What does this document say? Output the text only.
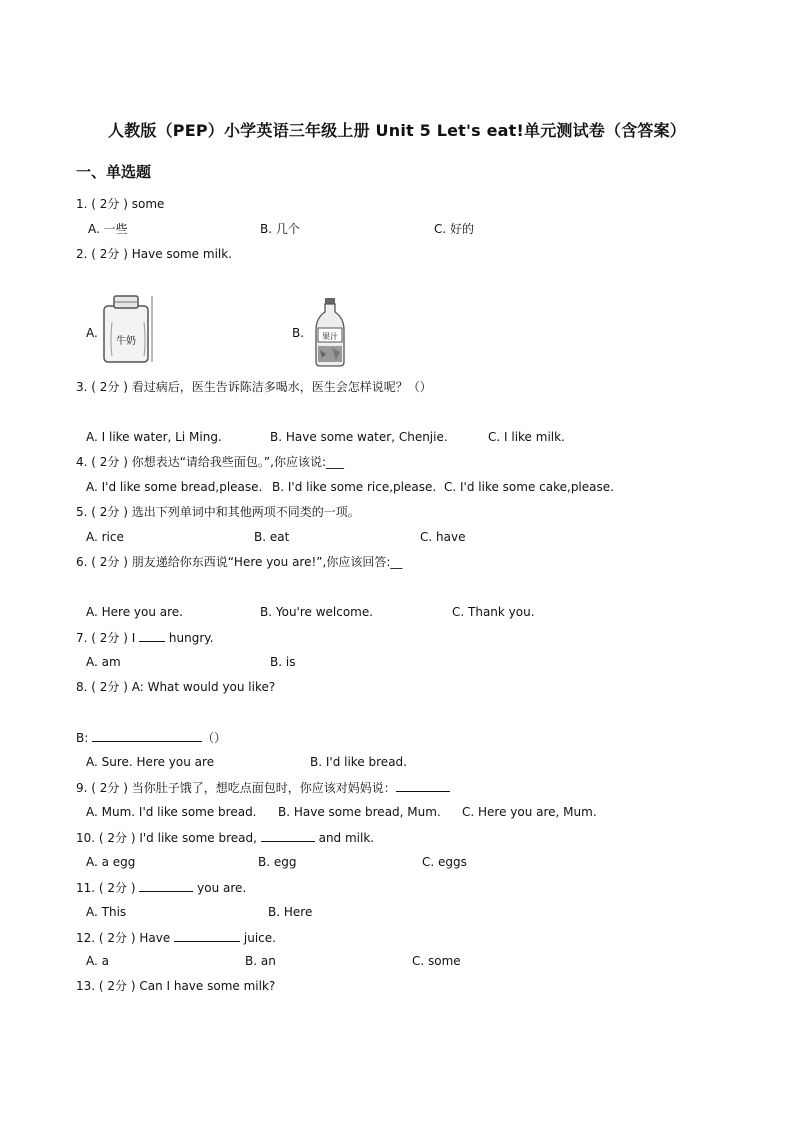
人教版（PEP）小学英语三年级上册 Unit 5 Let's eat!单元测试卷（含答案）
一、单选题
1. ( 2分 ) some
A. 一些	B. 几个	C. 好的
2. ( 2分 ) Have some milk.
A.
牛奶
B. 果汁
3. ( 2分 ) 看过病后，医生告诉陈洁多喝水，医生会怎样说呢？（）
A. I like water, Li Ming.	B. Have some water, Chenjie.	C. I like milk.
4. ( 2分 ) 你想表达“请给我些面包。”,你应该说:___
A. I'd like some bread,please. B. I'd like some rice,please. C. I'd like some cake,please.
5. ( 2分 ) 选出下列单词中和其他两项不同类的一项。
A. rice	B. eat	C. have
6. ( 2分 ) 朋友递给你东西说“Here you are!”,你应该回答:__
A. Here you are.	B. You're welcome.	C. Thank you.
7. ( 2分 ) I	hungry.
A. am	B. is
8. ( 2分 ) A: What would you like?
B:	（）
A. Sure. Here you are	B. I'd like bread.
9. ( 2分 ) 当你肚子饿了，想吃点面包时，你应该对妈妈说：
A. Mum. I'd like some bread. B. Have some bread, Mum. C. Here you are, Mum.
10. ( 2分 ) I'd like some bread,	and milk.
A. a egg	B. egg	C. eggs
11. ( 2分 )	you are.
A. This	B. Here
12. ( 2分 ) Have	juice.
A. a	B. an	C. some
13. ( 2分 ) Can I have some milk?
